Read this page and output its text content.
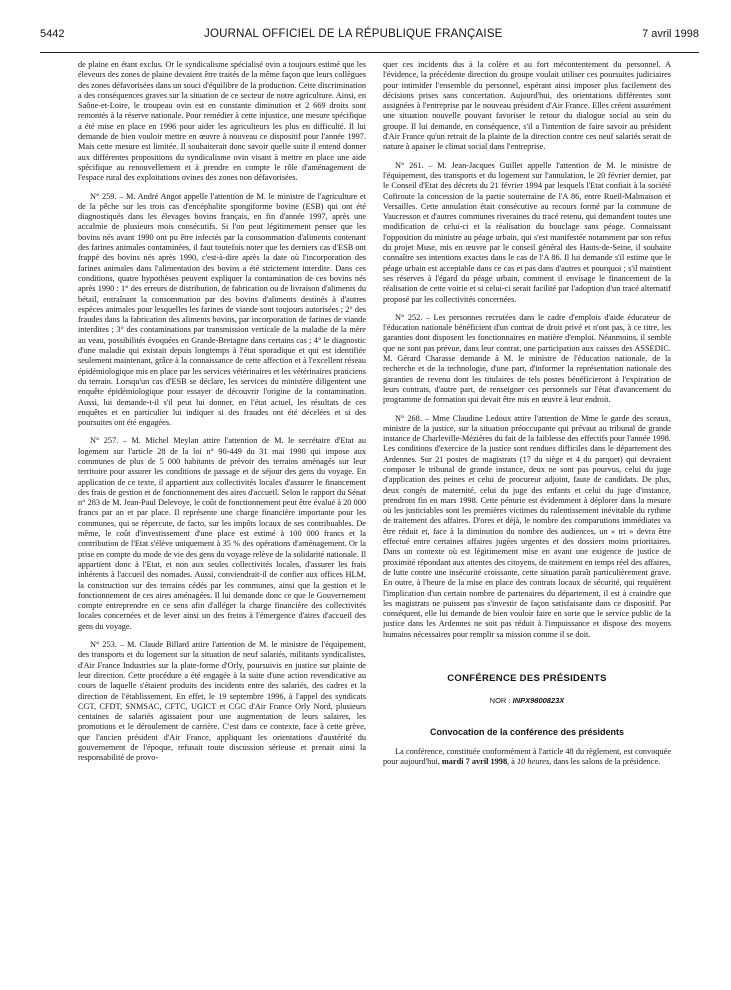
5442	JOURNAL OFFICIEL DE LA RÉPUBLIQUE FRANÇAISE	7 avril 1998

de plaine en étant exclus. Or le syndicalisme spécialisé ovin a toujours estimé que les éleveurs des zones de plaine devaient être traités de la même façon que leurs collègues des zones défavorisées dans un souci d'équilibre de la production. Cette discrimination a des conséquences graves sur la situation de ce secteur de notre agriculture. Ainsi, en Saône-et-Loire, le troupeau ovin est en constante diminution et 2 669 droits sont remontés à la réserve nationale. Pour remédier à cette injustice, une mesure spécifique a été mise en place en 1996 pour aider les agriculteurs les plus en difficulté. Il lui demande de bien vouloir mettre en œuvre à nouveau ce dispositif pour l'année 1997. Mais cette mesure est limitée. Il souhaiterait donc savoir quelle suite il entend donner aux différentes propositions du syndicalisme ovin visant à mettre en place une aide spécifique au renouvellement et à prendre en compte le rôle d'aménagement de l'espace rural des exploitations ovines des zones non défavorisées.

N° 259. – M. André Angot appelle l'attention de M. le ministre de l'agriculture et de la pêche sur les trois cas d'encéphalite spongiforme bovine (ESB) qui ont été diagnostiqués dans les élevages bovins français, en fin d'année 1997, après une accalmie de plusieurs mois consécutifs. Si l'on peut légitimement penser que les bovins nés avant 1990 ont pu être infectés par la consommation d'aliments contenant des farines animales contaminées, il faut toutefois noter que les derniers cas d'ESB ont frappé des bovins nés après 1990, c'est-à-dire après la date où l'incorporation des farines animales dans l'alimentation des bovins a été strictement interdite. Dans ces conditions, quatre hypothèses peuvent expliquer la contamination de ces bovins nés après 1990 : 1° des erreurs de distribution, de fabrication ou de livraison d'aliments du bétail, entraînant la consommation par des bovins d'aliments destinés à d'autres espèces animales pour lesquelles les farines de viande sont toujours autorisées ; 2° des fraudes dans la fabrication des aliments bovins, par incorporation de farines de viande interdites ; 3° des contaminations par transmission verticale de la maladie de la mère au veau, possibilités évoquées en Grande-Bretagne dans certains cas ; 4° le diagnostic d'une maladie qui existait depuis longtemps à l'état sporadique et qui est identifiée seulement maintenant, grâce à la connaissance de cette affection et à l'excellent réseau épidémiologique mis en place par les services vétérinaires et les vétérinaires praticiens du terrain. Lorsqu'un cas d'ESB se déclare, les services du ministère diligentent une enquête épidémiologique pour essayer de découvrir l'origine de la contamination. Aussi, lui demande-t-il s'il peut lui donner, en l'état actuel, les résultats de ces enquêtes et en particulier lui indiquer si des fraudes ont été décelées et si des poursuites ont été engagées.

N° 257. – M. Michel Meylan attire l'attention de M. le secrétaire d'Etat au logement sur l'article 28 de la loi n° 90-449 du 31 mai 1990 qui impose aux communes de plus de 5 000 habitants de prévoir des terrains aménagés sur leur territoire pour assurer les conditions de passage et de séjour des gens du voyage. En application de ce texte, il appartient aux collectivités locales d'assurer le financement des frais de gestion et de fonctionnement des aires d'accueil. Selon le rapport du Sénat n° 283 de M. Jean-Paul Delevoye, le coût de fonctionnement peut être évalué à 20 000 francs par an et par place. Il représente une charge financière importante pour les communes, qui se répercute, de facto, sur les impôts locaux de ses contribuables. De même, le coût d'investissement d'une place est estimé à 100 000 francs et la contribution de l'Etat s'élève uniquement à 35 % des opérations d'aménagement. Or la prise en compte du mode de vie des gens du voyage relève de la solidarité nationale. Il appartient donc à l'Etat, et non aux seules collectivités locales, d'assurer les frais inhérents à l'accueil des nomades. Aussi, conviendrait-il de confier aux offices HLM, la construction sur des terrains cédés par les communes, ainsi que la gestion et le fonctionnement de ces aires aménagées. Il lui demande donc ce que le Gouvernement compte entreprendre en ce sens afin d'alléger la charge financière des collectivités locales concernées et de lever ainsi un des freins à l'émergence d'aires d'accueil des gens du voyage.

N° 253. – M. Claude Billard attire l'attention de M. le ministre de l'équipement, des transports et du logement sur la situation de neuf salariés, militants syndicalistes, d'Air France Industries sur la plate-forme d'Orly, poursuivis en justice sur plainte de leur direction. Cette procédure a été engagée à la suite d'une action revendicative au cours de laquelle s'étaient produits des incidents entre des salariés, des cadres et la direction de l'établissement. En effet, le 19 septembre 1996, à l'appel des syndicats CGT, CFDT, SNMSAC, CFTC, UGICT et CGC d'Air France Orly Nord, plusieurs centaines de salariés agissaient pour une augmentation de leurs salaires, les promotions et le déroulement de carrière. C'est dans ce contexte, face à cette grève, que l'ancien président d'Air France, appliquant les orientations d'austérité du gouvernement de l'époque, refusait toute discussion sérieuse et prenait ainsi la responsabilité de provo-

quer ces incidents dus à la colère et au fort mécontentement du personnel. A l'évidence, la précédente direction du groupe voulait utiliser ces poursuites judiciaires pour intimider l'ensemble du personnel, espérant ainsi imposer plus facilement des décisions prises sans concertation. Aujourd'hui, des orientations différentes sont assignées à l'entreprise par le nouveau président d'Air France. Elles créent assurément une situation nouvelle pouvant favoriser le retour du dialogue social au sein du groupe. Il lui demande, en conséquence, s'il a l'intention de faire savoir au président d'Air France qu'un retrait de la plainte de la direction contre ces neuf salariés serait de nature à apaiser le climat social dans l'entreprise.

N° 261. – M. Jean-Jacques Guillet appelle l'attention de M. le ministre de l'équipement, des transports et du logement sur l'annulation, le 20 février dernier, par le Conseil d'Etat des décrets du 21 février 1994 par lesquels l'Etat confiait à la société Cofiroute la concession de la partie souterraine de l'A 86, entre Rueil-Malmaison et Versailles. Cette annulation était consécutive au recours formé par la commune de Vaucresson et d'autres communes riveraines du tracé retenu, qui demandent toutes une modification de celui-ci et la réalisation du bouclage sans péage. Connaissant l'opposition du ministre au péage urbain, qui s'est manifestée notamment par son refus du projet Muse, mis en œuvre par le conseil général des Hauts-de-Seine, il souhaite connaître ses intentions exactes dans le cas de l'A 86. Il lui demande s'il estime que le péage urbain est acceptable dans ce cas et pas dans d'autres et pourquoi ; s'il maintient ses réserves à l'égard du péage urbain, comment il envisage le financement de la réalisation de cette voirie et si celui-ci serait facilité par l'adoption d'un tracé alternatif proposé par les collectivités concernées.

N° 252. – Les personnes recrutées dans le cadre d'emplois d'aide éducateur de l'éducation nationale bénéficient d'un contrat de droit privé et n'ont pas, à ce titre, les garanties dont disposent les fonctionnaires en matière d'emploi. Néanmoins, il semble que ne sont pas prévue, dans leur contrat, une participation aux caisses des ASSEDIC. M. Gérard Charasse demande à M. le ministre de l'éducation nationale, de la recherche et de la technologie, d'une part, d'informer la représentation nationale des garanties de revenu dont les titulaires de tels postes bénéficieront à l'expiration de leurs contrats, d'autre part, de renseigner ces personnels sur l'état d'avancement du programme de formation qui devait être mis en œuvre à leur endroit.

N° 268. – Mme Claudine Ledoux attire l'attention de Mme le garde des sceaux, ministre de la justice, sur la situation préoccupante qui prévaut au tribunal de grande instance de Charleville-Mézières du fait de la faiblesse des effectifs pour l'année 1998. Les conditions d'exercice de la justice sont rendues difficiles dans le département des Ardennes. Sur 21 postes de magistrats (17 du siège et 4 du parquet) qui devraient composer le tribunal de grande instance, deux ne sont pas pourvus, celui du juge d'application des peines et celui de procureur adjoint, faute de candidats. De plus, deux congés de maternité, celui du juge des enfants et celui du juge d'instance, prendront fin en mars 1998. Cette pénurie est évidemment à déplorer dans la mesure où les justiciables sont les premières victimes du ralentissement inévitable du rythme de traitement des affaires. D'ores et déjà, le nombre des comparutions immédiates va être réduit et, face à la diminution du nombre des audiences, un « tri » devra être effectué entre certaines affaires jugées urgentes et des dossiers moins prioritaires. Dans un contexte où est légitimement mise en avant une exigence de justice de proximité répondant aux attentes des citoyens, de traitement en temps réel des affaires, de lutte contre une insécurité croissante, cette situation paraît particulièrement grave. En outre, à l'heure de la mise en place des contrats locaux de sécurité, qui requièrent l'implication d'un certain nombre de partenaires du département, il est à craindre que les magistrats ne puissent pas s'investir de façon satisfaisante dans ce dispositif. Par conséquent, elle lui demande de bien vouloir faire en sorte que le service public de la justice dans les Ardennes ne soit pas réduit à l'impuissance et dispose des moyens humains nécessaires pour remplir sa mission comme il se doit.

CONFÉRENCE DES PRÉSIDENTS
NOR : INPX9800823X
Convocation de la conférence des présidents

La conférence, constituée conformément à l'article 48 du règlement, est convoquée pour aujourd'hui, mardi 7 avril 1998, à 10 heures, dans les salons de la présidence.
